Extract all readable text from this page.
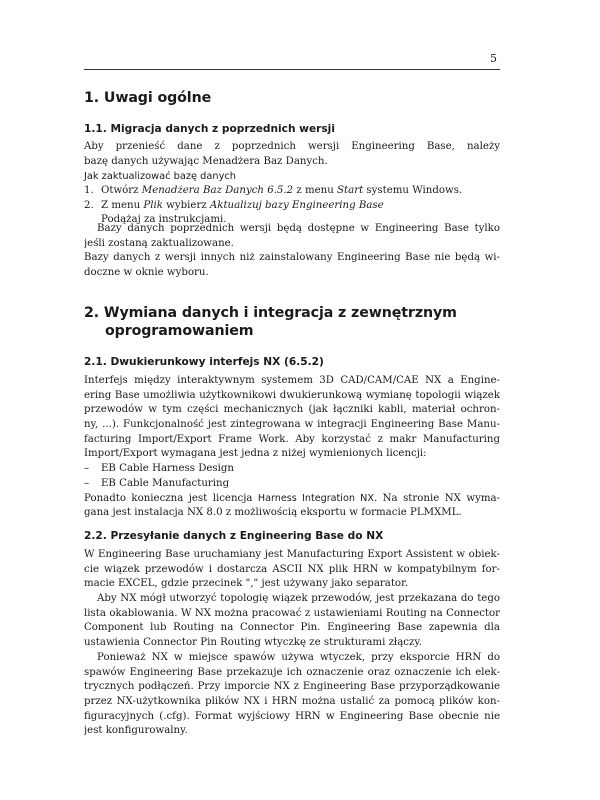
5
1. Uwagi ogólne
1.1. Migracja danych z poprzednich wersji
Aby przenieść dane z poprzednich wersji Engineering Base, należy
bazę danych używając Menadżera Baz Danych.
Jak zaktualizować bazę danych
1. Otwórz Menadżera Baz Danych 6.5.2 z menu Start systemu Windows.
2. Z menu Plik wybierz Aktualizuj bazy Engineering Base
Podążaj za instrukcjami.
Bazy danych poprzednich wersji będą dostępne w Engineering Base tylko
jeśli zostaną zaktualizowane.
Bazy danych z wersji innych niż zainstalowany Engineering Base nie będą wi-
doczne w oknie wyboru.
2. Wymiana danych i integracja z zewnętrznym
oprogramowaniem
2.1. Dwukierunkowy interfejs NX (6.5.2)
Interfejs między interaktywnym systemem 3D CAD/CAM/CAE NX a Engine-
ering Base umożliwia użytkownikowi dwukierunkową wymianę topologii wiązek
przewodów w tym części mechanicznych (jak łączniki kabli, materiał ochron-
ny, ...). Funkcjonalność jest zintegrowana w integracji Engineering Base Manu-
facturing Import/Export Frame Work. Aby korzystać z makr Manufacturing
Import/Export wymagana jest jedna z niżej wymienionych licencji:
–	EB Cable Harness Design
–	EB Cable Manufacturing
Ponadto konieczna jest licencja Harness Integration NX. Na stronie NX wyma-
gana jest instalacja NX 8.0 z możliwością eksportu w formacie PLMXML.
2.2. Przesyłanie danych z Engineering Base do NX
W Engineering Base uruchamiany jest Manufacturing Export Assistent w obiek-
cie wiązek przewodów i dostarcza ASCII NX plik HRN w kompatybilnym for-
macie EXCEL, gdzie przecinek "," jest używany jako separator.
Aby NX mógł utworzyć topologię wiązek przewodów, jest przekazana do tego
lista okablowania. W NX można pracować z ustawieniami Routing na Connector
Component lub Routing na Connector Pin. Engineering Base zapewnia dla
ustawienia Connector Pin Routing wtyczkę ze strukturami złączy.
Ponieważ NX w miejsce spawów używa wtyczek, przy eksporcie HRN do
spawów Engineering Base przekazuje ich oznaczenie oraz oznaczenie ich elek-
trycznych podłączeń. Przy imporcie NX z Engineering Base przyporządkowanie
przez NX-użytkownika plików NX i HRN można ustalić za pomocą plików kon-
figuracyjnych (.cfg). Format wyjściowy HRN w Engineering Base obecnie nie
jest konfigurowalny.
